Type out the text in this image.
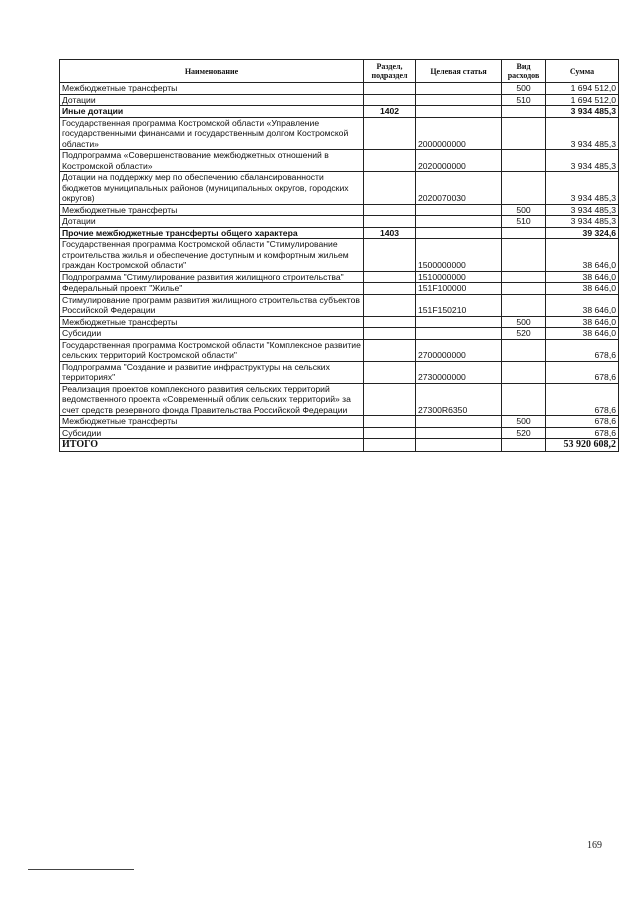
Наименование	Раздел, подраздел	Целевая статья	Вид расходов	Сумма
Межбюджетные трансферты			500	1 694 512,0
Дотации			510	1 694 512,0
Иные дотации	1402			3 934 485,3
Государственная программа Костромской области «Управление государственными финансами и государственным долгом Костромской области»		2000000000		3 934 485,3
Подпрограмма «Совершенствование межбюджетных отношений в Костромской области»		2020000000		3 934 485,3
Дотации на поддержку мер по обеспечению сбалансированности бюджетов муниципальных районов (муниципальных округов, городских округов)		2020070030		3 934 485,3
Межбюджетные трансферты			500	3 934 485,3
Дотации			510	3 934 485,3
Прочие межбюджетные трансферты общего характера	1403			39 324,6
Государственная программа Костромской области "Стимулирование строительства жилья и обеспечение доступным и комфортным жильем граждан Костромской области"		1500000000		38 646,0
Подпрограмма "Стимулирование развития жилищного строительства"		1510000000		38 646,0
Федеральный проект "Жилье"		151F100000		38 646,0
Стимулирование программ развития жилищного строительства субъектов Российской Федерации		151F150210		38 646,0
Межбюджетные трансферты			500	38 646,0
Субсидии			520	38 646,0
Государственная программа Костромской области "Комплексное развитие сельских территорий Костромской области"		2700000000		678,6
Подпрограмма "Создание и развитие инфраструктуры на сельских территориях"		2730000000		678,6
Реализация проектов комплексного развития сельских территорий ведомственного проекта «Современный облик сельских территорий» за счет средств резервного фонда Правительства Российской Федерации		27300R6350		678,6
Межбюджетные трансферты			500	678,6
Субсидии			520	678,6
ИТОГО				53 920 608,2
169
